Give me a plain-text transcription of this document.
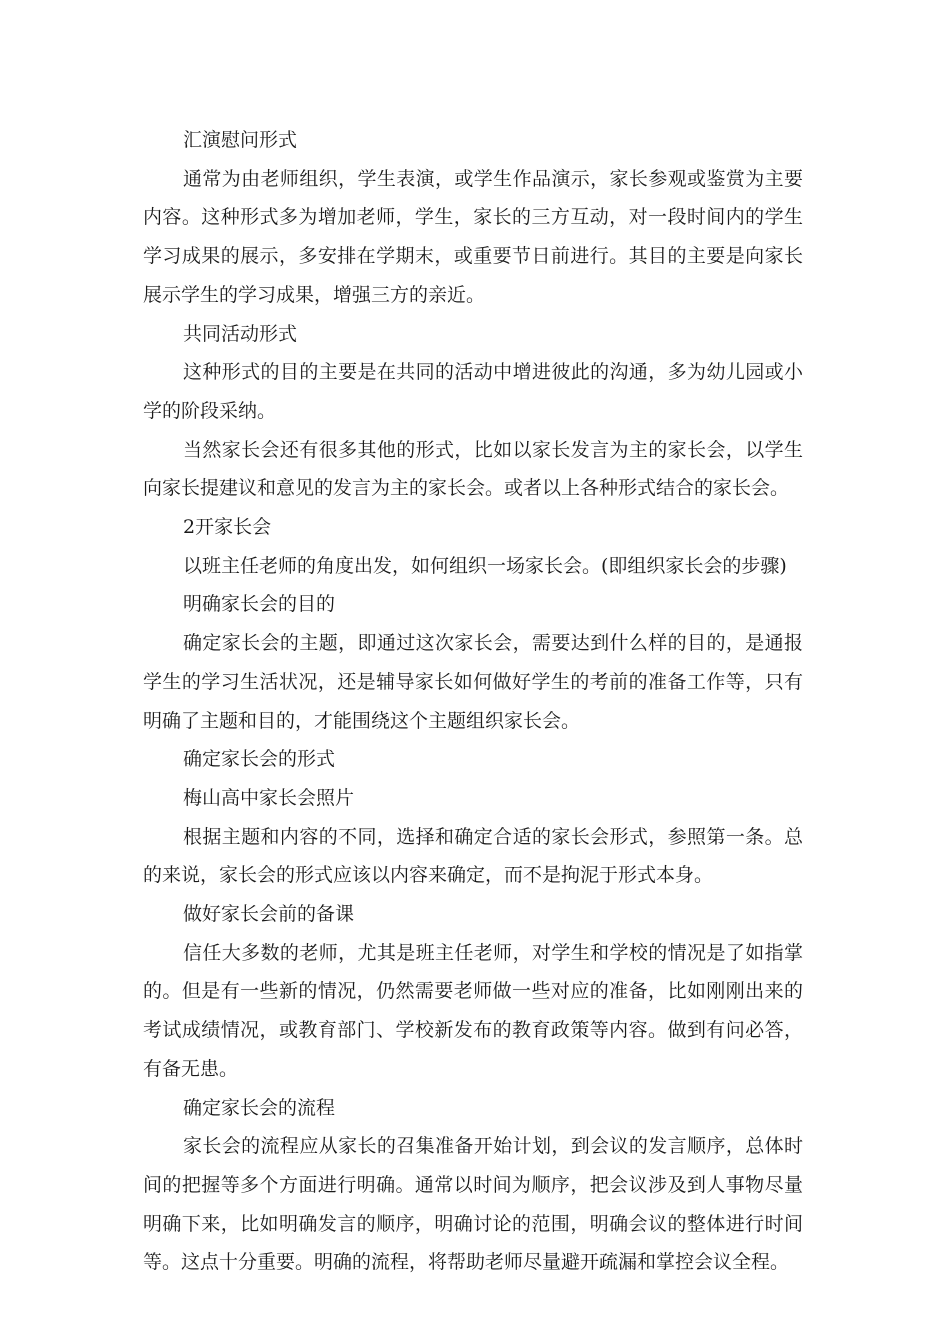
汇演慰问形式

通常为由老师组织，学生表演，或学生作品演示，家长参观或鉴赏为主要内容。这种形式多为增加老师，学生，家长的三方互动，对一段时间内的学生学习成果的展示，多安排在学期末，或重要节日前进行。其目的主要是向家长展示学生的学习成果，增强三方的亲近。

共同活动形式

这种形式的目的主要是在共同的活动中增进彼此的沟通，多为幼儿园或小学的阶段采纳。

当然家长会还有很多其他的形式，比如以家长发言为主的家长会，以学生向家长提建议和意见的发言为主的家长会。或者以上各种形式结合的家长会。

2开家长会

以班主任老师的角度出发，如何组织一场家长会。(即组织家长会的步骤)

明确家长会的目的

确定家长会的主题，即通过这次家长会，需要达到什么样的目的，是通报学生的学习生活状况，还是辅导家长如何做好学生的考前的准备工作等，只有明确了主题和目的，才能围绕这个主题组织家长会。

确定家长会的形式

梅山高中家长会照片

根据主题和内容的不同，选择和确定合适的家长会形式，参照第一条。总的来说，家长会的形式应该以内容来确定，而不是拘泥于形式本身。

做好家长会前的备课

信任大多数的老师，尤其是班主任老师，对学生和学校的情况是了如指掌的。但是有一些新的情况，仍然需要老师做一些对应的准备，比如刚刚出来的考试成绩情况，或教育部门、学校新发布的教育政策等内容。做到有问必答，有备无患。

确定家长会的流程

家长会的流程应从家长的召集准备开始计划，到会议的发言顺序，总体时间的把握等多个方面进行明确。通常以时间为顺序，把会议涉及到人事物尽量明确下来，比如明确发言的顺序，明确讨论的范围，明确会议的整体进行时间等。这点十分重要。明确的流程，将帮助老师尽量避开疏漏和掌控会议全程。
